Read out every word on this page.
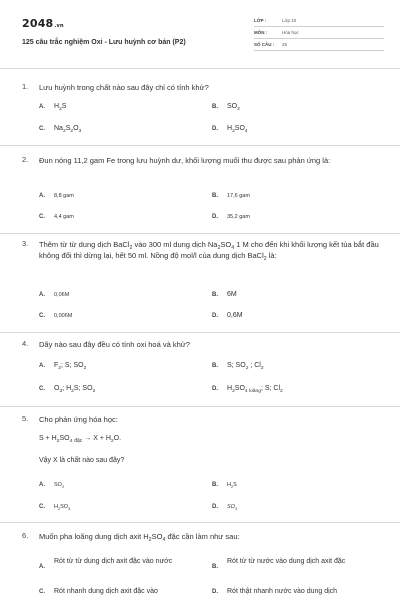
2048.vn
125 câu trắc nghiệm Oxi - Lưu huỳnh cơ bản (P2)
LỚP :	Lớp 10
MÔN :	Hóa học
SỐ CÂU : 25
1. Lưu huỳnh trong chất nào sau đây chỉ có tính khử?
A. $H_2S$	B. $SO_2$
C. $Na_2S_2O_3$	D. $H_2SO_4$
2. Đun nóng 11,2 gam Fe trong lưu huỳnh dư, khối lượng muối thu được sau phản ứng là:
A. 8,8 gam	B. 17,6 gam
C. 4,4 gam	D. 35,2 gam
3. Thêm từ từ dung dịch BaCl$_2$ vào 300 ml dung dịch $Na_2SO_4$ 1 M cho đến khi khối lượng kết tủa bắt đầu không đổi thì dừng lại, hết 50 ml. Nồng độ mol/l của dung dịch BaCl$_2$ là:
A. 0,06M	B. 6M
C. 0,006M	D. 0,6M
4. Dãy nào sau đây đều có tính oxi hoá và khử?
A. $F_2$; S; $SO_2$	B. S; $SO_2$ ; $Cl_2$
C. $O_3$; $H_2S$; $SO_2$	D. $H_2SO_{4 loãng}$; S; $Cl_2$
5. Cho phản ứng hóa học:
$S + H_2SO_4$ $_{đặc} \to X + H_2O$.
Vậy X là chất nào sau đây?
A. $SO_2$	B. $H_2S$
C. $H_2SO_3$	D. $SO_3$
6. Muốn pha loãng dung dịch axit $H_2SO_4$ đặc cần làm như sau:
A.
Rót từ từ dung dịch axit đặc vào nước
B.
Rót từ từ nước vào dung dịch axit đặc
C. Rót nhanh dung dịch axit đặc vào	D. Rót thật nhanh nước vào dung dịch
